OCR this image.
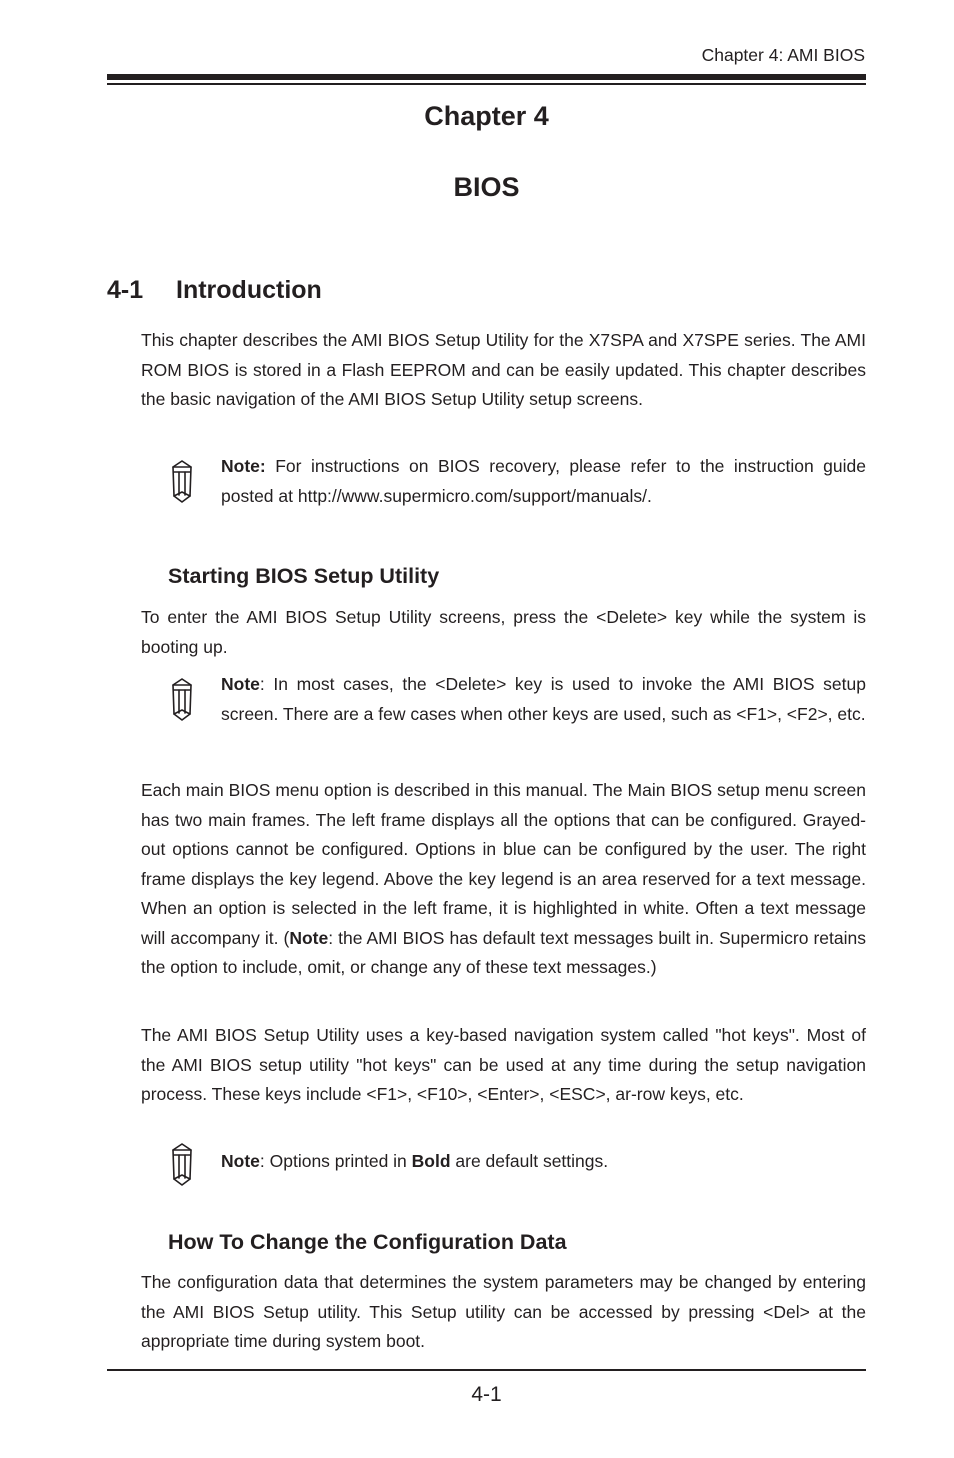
Chapter 4: AMI BIOS
Chapter 4
BIOS
4-1 Introduction

This chapter describes the AMI BIOS Setup Utility for the X7SPA and X7SPE series. The AMI ROM BIOS is stored in a Flash EEPROM and can be easily updated. This chapter describes the basic navigation of the AMI BIOS Setup Utility setup screens.

Note: For instructions on BIOS recovery, please refer to the instruction guide posted at http://www.supermicro.com/support/manuals/.

Starting BIOS Setup Utility

To enter the AMI BIOS Setup Utility screens, press the <Delete> key while the system is booting up.

Note: In most cases, the <Delete> key is used to invoke the AMI BIOS setup screen. There are a few cases when other keys are used, such as <F1>, <F2>, etc.

Each main BIOS menu option is described in this manual. The Main BIOS setup menu screen has two main frames. The left frame displays all the options that can be configured. Grayed-out options cannot be configured. Options in blue can be configured by the user. The right frame displays the key legend. Above the key legend is an area reserved for a text message. When an option is selected in the left frame, it is highlighted in white. Often a text message will accompany it. (Note: the AMI BIOS has default text messages built in. Supermicro retains the option to include, omit, or change any of these text messages.)

The AMI BIOS Setup Utility uses a key-based navigation system called "hot keys". Most of the AMI BIOS setup utility "hot keys" can be used at any time during the setup navigation process. These keys include <F1>, <F10>, <Enter>, <ESC>, ar-row keys, etc.

Note: Options printed in Bold are default settings.

How To Change the Configuration Data

The configuration data that determines the system parameters may be changed by entering the AMI BIOS Setup utility. This Setup utility can be accessed by pressing <Del> at the appropriate time during system boot.

4-1
